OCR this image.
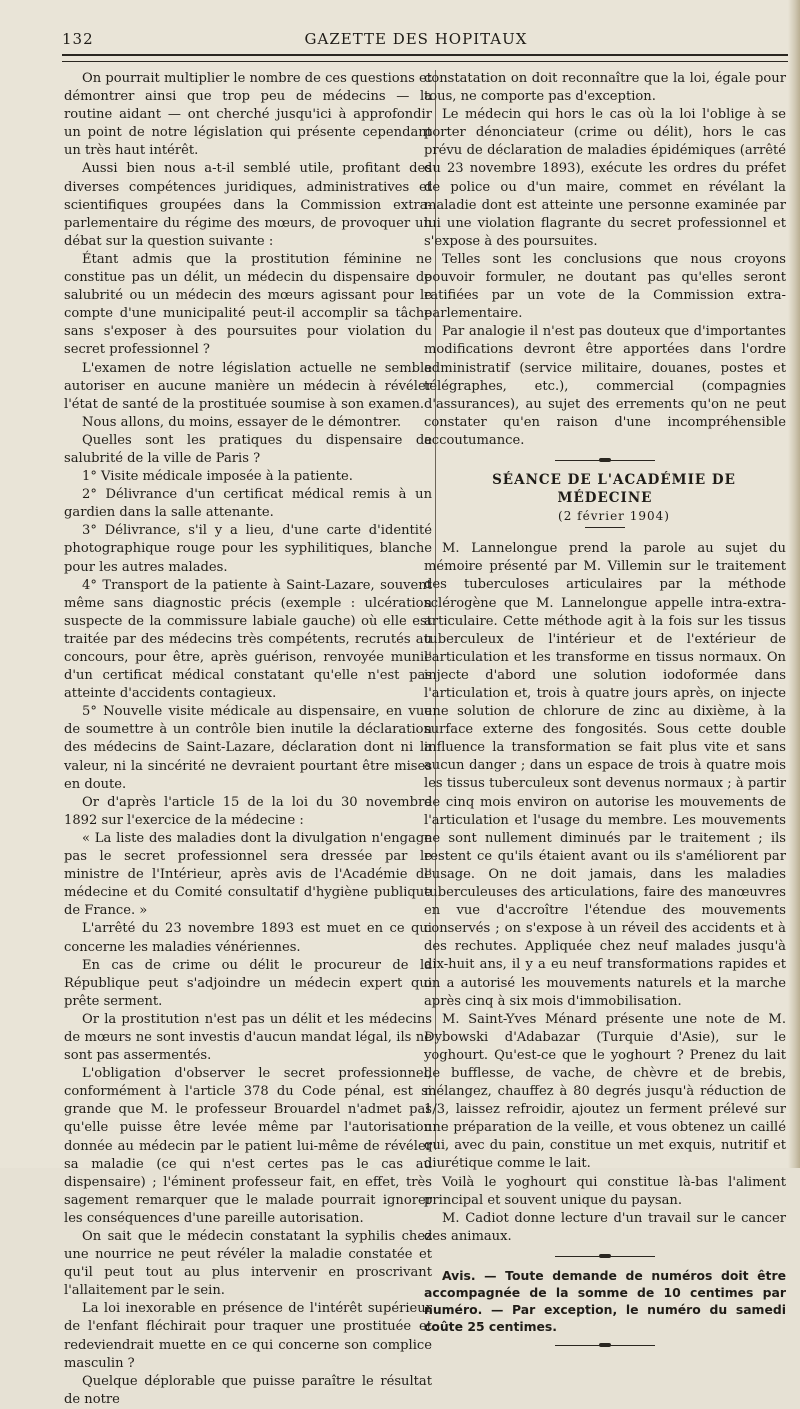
132	GAZETTE DES HOPITAUX

On pourrait multiplier le nombre de ces questions et démontrer ainsi que trop peu de médecins — la routine aidant — ont cherché jusqu'ici à approfondir un point de notre législation qui présente cependant un très haut intérêt.

Aussi bien nous a-t-il semblé utile, profitant des diverses compétences juridiques, administratives et scientifiques groupées dans la Commission extra-parlementaire du régime des mœurs, de provoquer un débat sur la question suivante :

Étant admis que la prostitution féminine ne constitue pas un délit, un médecin du dispensaire de salubrité ou un médecin des mœurs agissant pour le compte d'une municipalité peut-il accomplir sa tâche sans s'exposer à des poursuites pour violation du secret professionnel ?

L'examen de notre législation actuelle ne semble autoriser en aucune manière un médecin à révéler l'état de santé de la prostituée soumise à son examen.

Nous allons, du moins, essayer de le démontrer.

Quelles sont les pratiques du dispensaire de salubrité de la ville de Paris ?

1° Visite médicale imposée à la patiente.

2° Délivrance d'un certificat médical remis à un gardien dans la salle attenante.

3° Délivrance, s'il y a lieu, d'une carte d'identité photographique rouge pour les syphilitiques, blanche pour les autres malades.

4° Transport de la patiente à Saint-Lazare, souvent même sans diagnostic précis (exemple : ulcération suspecte de la commissure labiale gauche) où elle est traitée par des médecins très compétents, recrutés au concours, pour être, après guérison, renvoyée munie d'un certificat médical constatant qu'elle n'est pas atteinte d'accidents contagieux.

5° Nouvelle visite médicale au dispensaire, en vue de soumettre à un contrôle bien inutile la déclaration des médecins de Saint-Lazare, déclaration dont ni la valeur, ni la sincérité ne devraient pourtant être mises en doute.

Or d'après l'article 15 de la loi du 30 novembre 1892 sur l'exercice de la médecine :

« La liste des maladies dont la divulgation n'engage pas le secret professionnel sera dressée par le ministre de l'Intérieur, après avis de l'Académie de médecine et du Comité consultatif d'hygiène publique de France. »

L'arrêté du 23 novembre 1893 est muet en ce qui concerne les maladies vénériennes.

En cas de crime ou délit le procureur de la République peut s'adjoindre un médecin expert qui prête serment.

Or la prostitution n'est pas un délit et les médecins de mœurs ne sont investis d'aucun mandat légal, ils ne sont pas assermentés.

L'obligation d'observer le secret professionnel, conformément à l'article 378 du Code pénal, est si grande que M. le professeur Brouardel n'admet pas qu'elle puisse être levée même par l'autorisation donnée au médecin par le patient lui-même de révéler sa maladie (ce qui n'est certes pas le cas au dispensaire) ; l'éminent professeur fait, en effet, très sagement remarquer que le malade pourrait ignorer les conséquences d'une pareille autorisation.

On sait que le médecin constatant la syphilis chez une nourrice ne peut révéler la maladie constatée et qu'il peut tout au plus intervenir en proscrivant l'allaitement par le sein.

La loi inexorable en présence de l'intérêt supérieur de l'enfant fléchirait pour traquer une prostituée et redeviendrait muette en ce qui concerne son complice masculin ?

Quelque déplorable que puisse paraître le résultat de notre

constatation on doit reconnaître que la loi, égale pour tous, ne comporte pas d'exception.

Le médecin qui hors le cas où la loi l'oblige à se porter dénonciateur (crime ou délit), hors le cas prévu de déclaration de maladies épidémiques (arrêté du 23 novembre 1893), exécute les ordres du préfet de police ou d'un maire, commet en révélant la maladie dont est atteinte une personne examinée par lui une violation flagrante du secret professionnel et s'expose à des poursuites.

Telles sont les conclusions que nous croyons pouvoir formuler, ne doutant pas qu'elles seront ratifiées par un vote de la Commission extra-parlementaire.

Par analogie il n'est pas douteux que d'importantes modifications devront être apportées dans l'ordre administratif (service militaire, douanes, postes et télégraphes, etc.), commercial (compagnies d'assurances), au sujet des errements qu'on ne peut constater qu'en raison d'une incompréhensible accoutumance.

SÉANCE DE L'ACADÉMIE DE MÉDECINE

(2 février 1904)

M. Lannelongue prend la parole au sujet du mémoire présenté par M. Villemin sur le traitement des tuberculoses articulaires par la méthode sclérogène que M. Lannelongue appelle intra-extra-articulaire. Cette méthode agit à la fois sur les tissus tuberculeux de l'intérieur et de l'extérieur de l'articulation et les transforme en tissus normaux. On injecte d'abord une solution iodoformée dans l'articulation et, trois à quatre jours après, on injecte une solution de chlorure de zinc au dixième, à la surface externe des fongosités. Sous cette double influence la transformation se fait plus vite et sans aucun danger ; dans un espace de trois à quatre mois les tissus tuberculeux sont devenus normaux ; à partir de cinq mois environ on autorise les mouvements de l'articulation et l'usage du membre. Les mouvements ne sont nullement diminués par le traitement ; ils restent ce qu'ils étaient avant ou ils s'améliorent par l'usage. On ne doit jamais, dans les maladies tuberculeuses des articulations, faire des manœuvres en vue d'accroître l'étendue des mouvements conservés ; on s'expose à un réveil des accidents et à des rechutes. Appliquée chez neuf malades jusqu'à dix-huit ans, il y a eu neuf transformations rapides et on a autorisé les mouvements naturels et la marche après cinq à six mois d'immobilisation.

M. Saint-Yves Ménard présente une note de M. Dybowski d'Adabazar (Turquie d'Asie), sur le yoghourt. Qu'est-ce que le yoghourt ? Prenez du lait de bufflesse, de vache, de chèvre et de brebis, mélangez, chauffez à 80 degrés jusqu'à réduction de 1/3, laissez refroidir, ajoutez un ferment prélevé sur une préparation de la veille, et vous obtenez un caillé qui, avec du pain, constitue un met exquis, nutritif et diurétique comme le lait.

Voilà le yoghourt qui constitue là-bas l'aliment principal et souvent unique du paysan.

M. Cadiot donne lecture d'un travail sur le cancer des animaux.

Avis. — Toute demande de numéros doit être accompagnée de la somme de 10 centimes par numéro. — Par exception, le numéro du samedi coûte 25 centimes.
